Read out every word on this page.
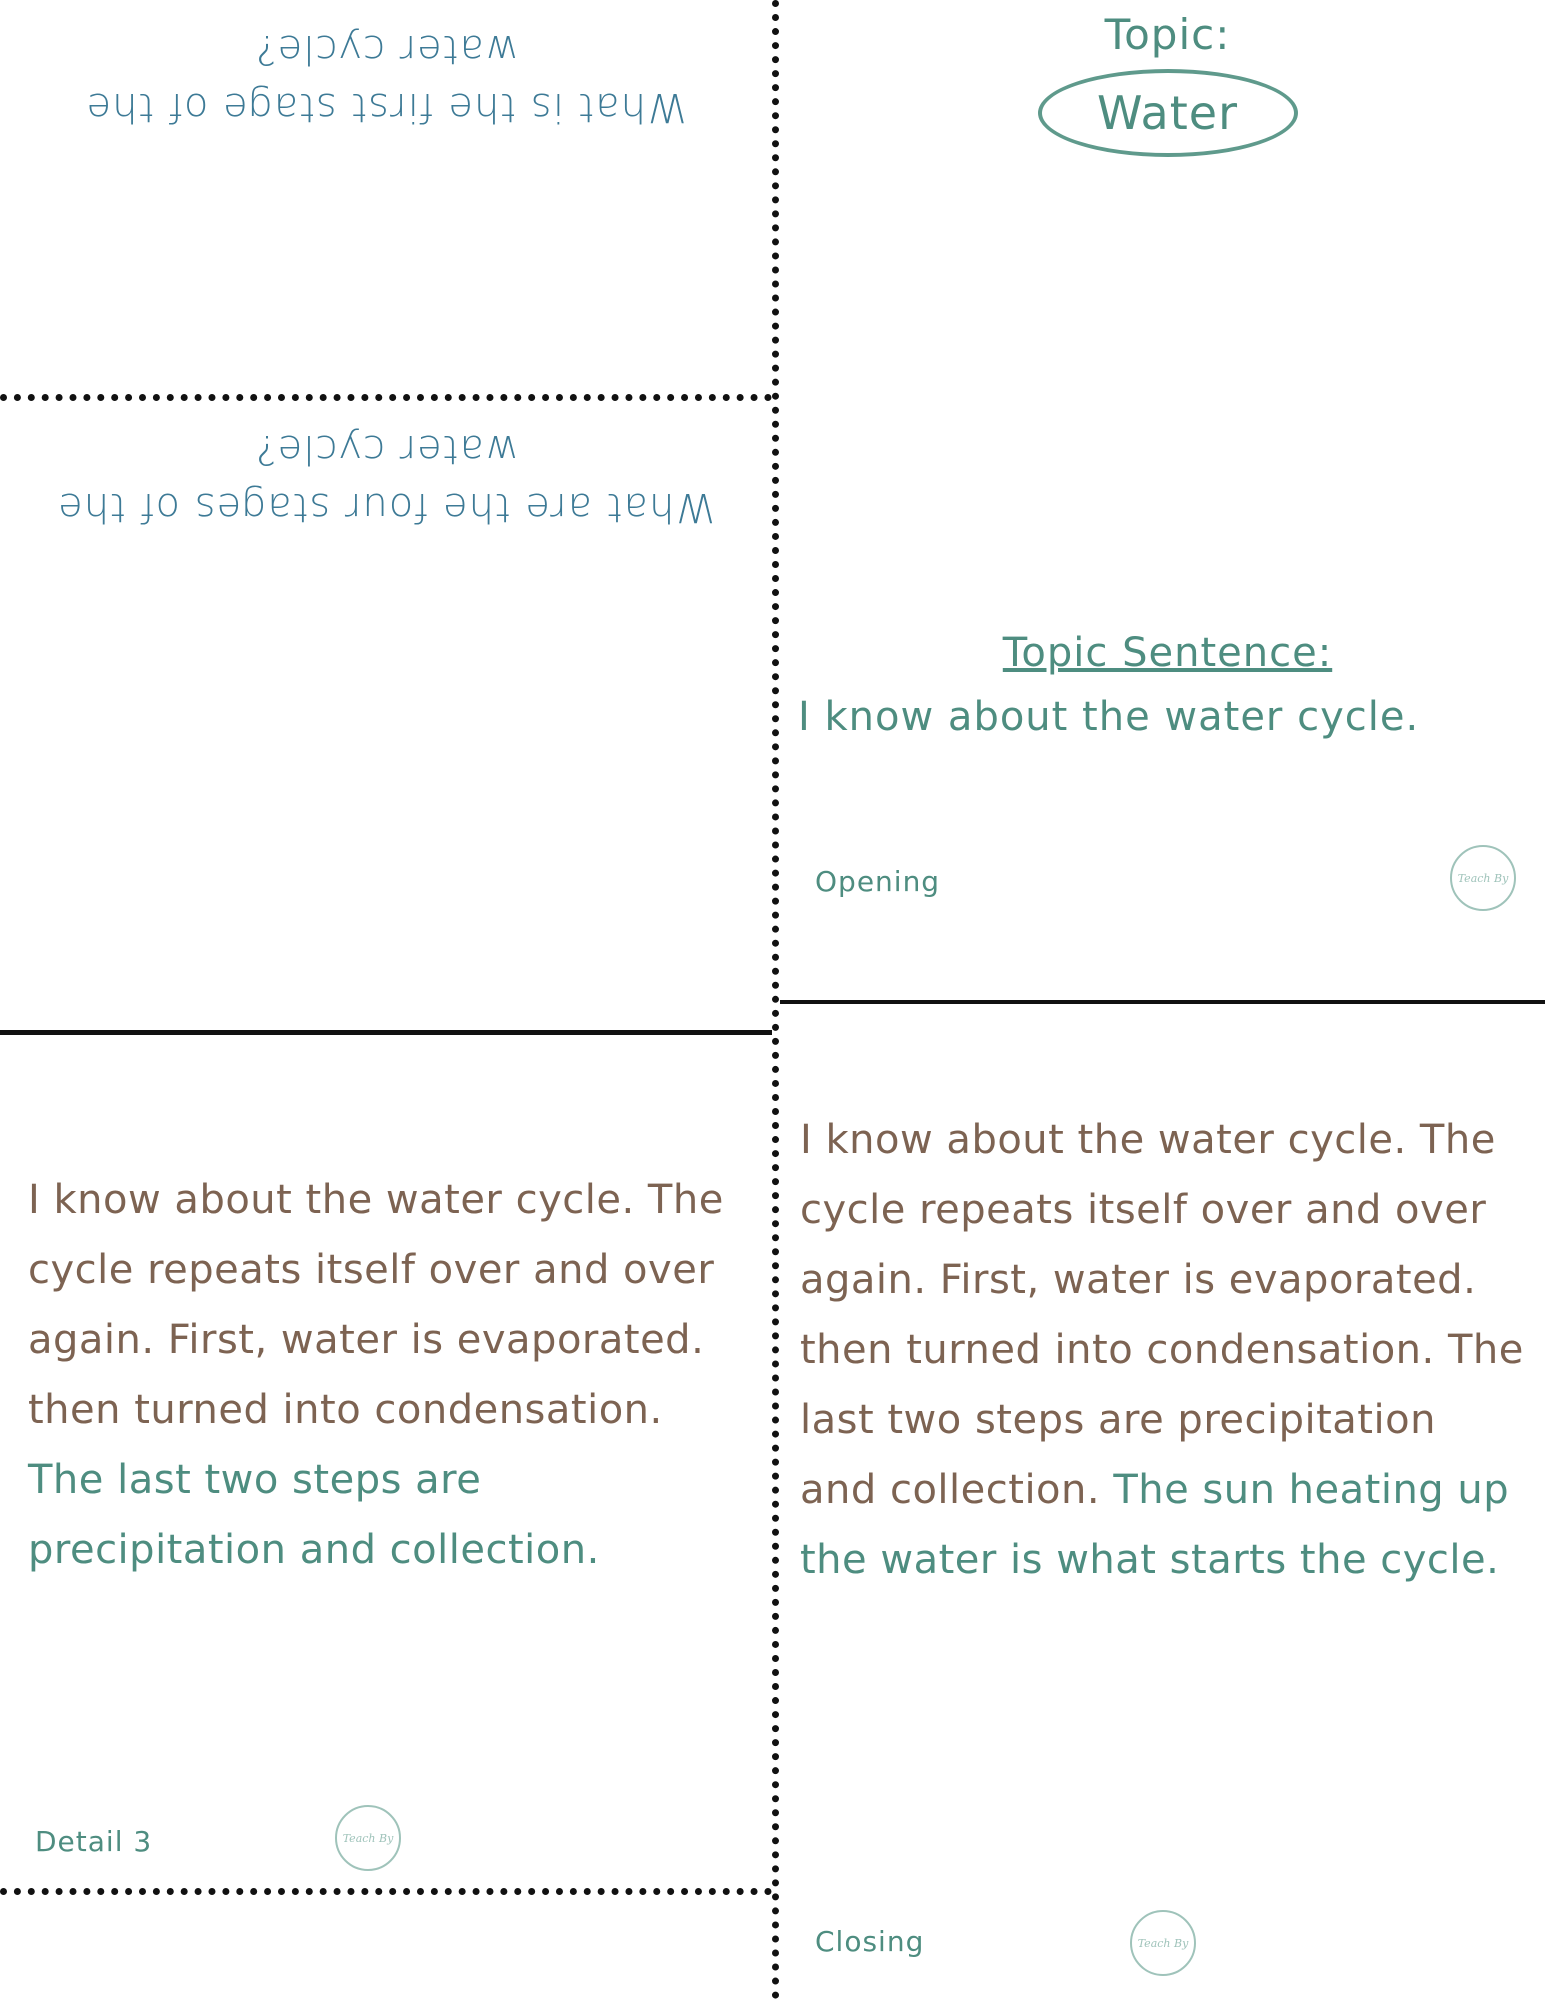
What is the first stage of the water cycle?
What are the four stages of the water cycle?
Topic:
Water
Topic Sentence:
I know about the water cycle.
Opening	Teach By
I know about the water cycle. The cycle repeats itself over and over again. First, water is evaporated. then turned into condensation. The last two steps are precipitation and collection.
Detail 3	Teach By
I know about the water cycle. The cycle repeats itself over and over again. First, water is evaporated. then turned into condensation. The last two steps are precipitation and collection. The sun heating up the water is what starts the cycle.
Closing	Teach By
